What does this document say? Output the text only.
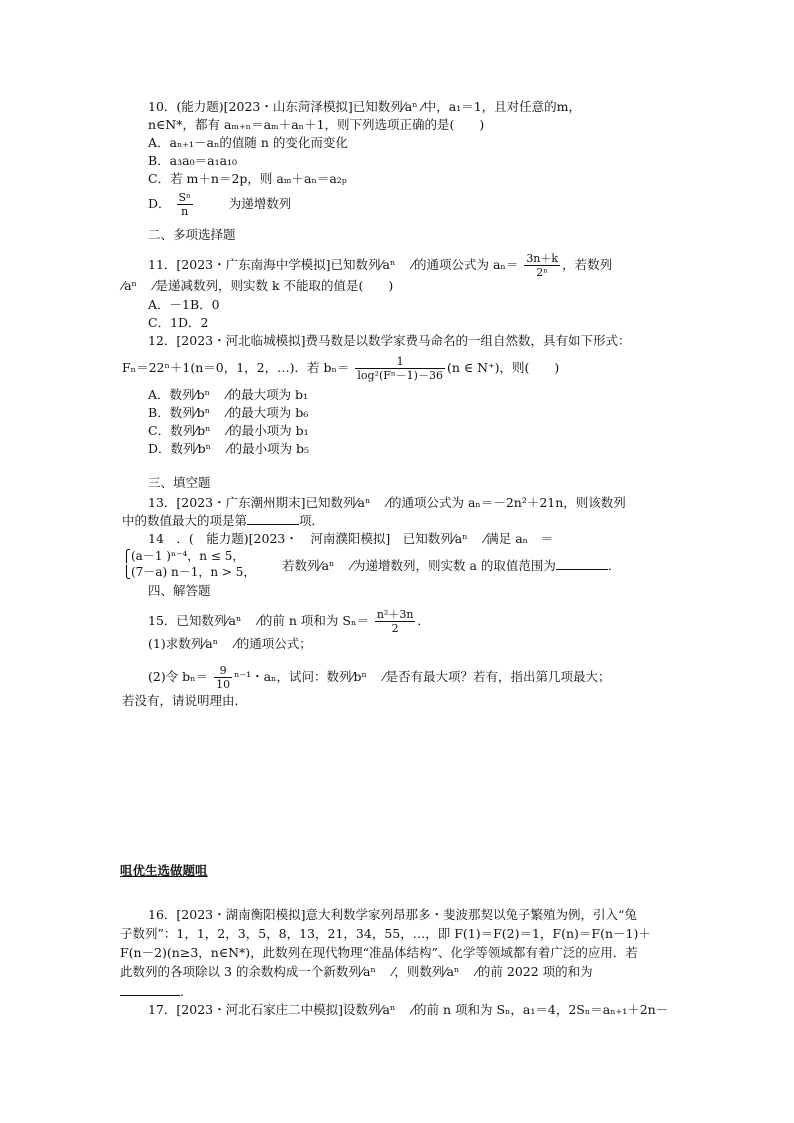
10．(能力题)[2023・山东菏泽模拟]已知数列⁄aⁿ ⁄中，a₁＝1，且对任意的m，
n∈N*，都有 aₘ₊ₙ＝aₘ＋aₙ＋1，则下列选项正确的是(　　)
A．aₙ₊₁－aₙ的值随 n 的变化而变化
B．a₃a₀＝a₁a₁₀
C．若 m＋n＝2p，则 aₘ＋aₙ＝a₂ₚ
D． $\frac{\text{Sⁿ}}{n}$	为递增数列
二、多项选择题
11．[2023・广东南海中学模拟]已知数列⁄aⁿ　 ⁄的通项公式为 $a_n= \frac{3n+k}{\text{2ⁿ}}$ ，若数列
⁄aⁿ　 ⁄是递减数列，则实数 k 不能取的值是(　　)
A．－1B．0
C．1D．2
12．[2023・河北临城模拟]费马数是以数学家费马命名的一组自然数，具有如下形式：
Fₙ＝22ⁿ＋1(n＝0，1，2，…)．若 $b_n= \frac{1}{\text{log²(Fⁿ－1)－36}} (n$ ∈ N⁺)，则(　　)
A．数列⁄bⁿ　 ⁄的最大项为 b₁
B．数列⁄bⁿ　 ⁄的最大项为 b₆
C．数列⁄bⁿ　 ⁄的最小项为 b₁
D．数列⁄bⁿ　 ⁄的最小项为 b₅
三、填空题
13．[2023・广东潮州期末]已知数列⁄aⁿ　 ⁄的通项公式为 aₙ＝－2n²＋21n，则该数列
中的数值最大的项是第	项．
14　．(　能力题)[2023・　河南濮阳模拟]　已知数列⁄aⁿ　 ⁄满足 aₙ　＝
⎧(a－1 )ⁿ⁻⁴，n ≤ 5，
⎩(7－a) n－1，n > 5， 若数列⁄aⁿ　 ⁄为递增数列，则实数 a 的取值范围为	．
四、解答题
15．已知数列⁄aⁿ　 ⁄的前 n 项和为 $S_n= \frac{\text{n²＋3n}}{2}$ ．
(1)求数列⁄aⁿ　 ⁄的通项公式；
(2)令 $b_n= \frac{9}{10} ^{n-1}$・aₙ，试问：数列⁄bⁿ　 ⁄是否有最大项？若有，指出第几项最大；
若没有，请说明理由．
咀优生选做题咀
16．[2023・湖南衡阳模拟]意大利数学家列昂那多・斐波那契以兔子繁殖为例，引入“兔
子数列”：1，1，2，3，5，8，13，21，34，55，…，即 F(1)＝F(2)＝1，F(n)＝F(n－1)＋
F(n－2)(n≥3，n∈N*)，此数列在现代物理“准晶体结构”、化学等领域都有着广泛的应用．若
此数列的各项除以 3 的余数构成一个新数列⁄aⁿ　 ⁄，则数列⁄aⁿ　 ⁄的前 2022 项的和为
．
17．[2023・河北石家庄二中模拟]设数列⁄aⁿ　 ⁄的前 n 项和为 Sₙ，a₁＝4，2Sₙ＝aₙ₊₁＋2n－
